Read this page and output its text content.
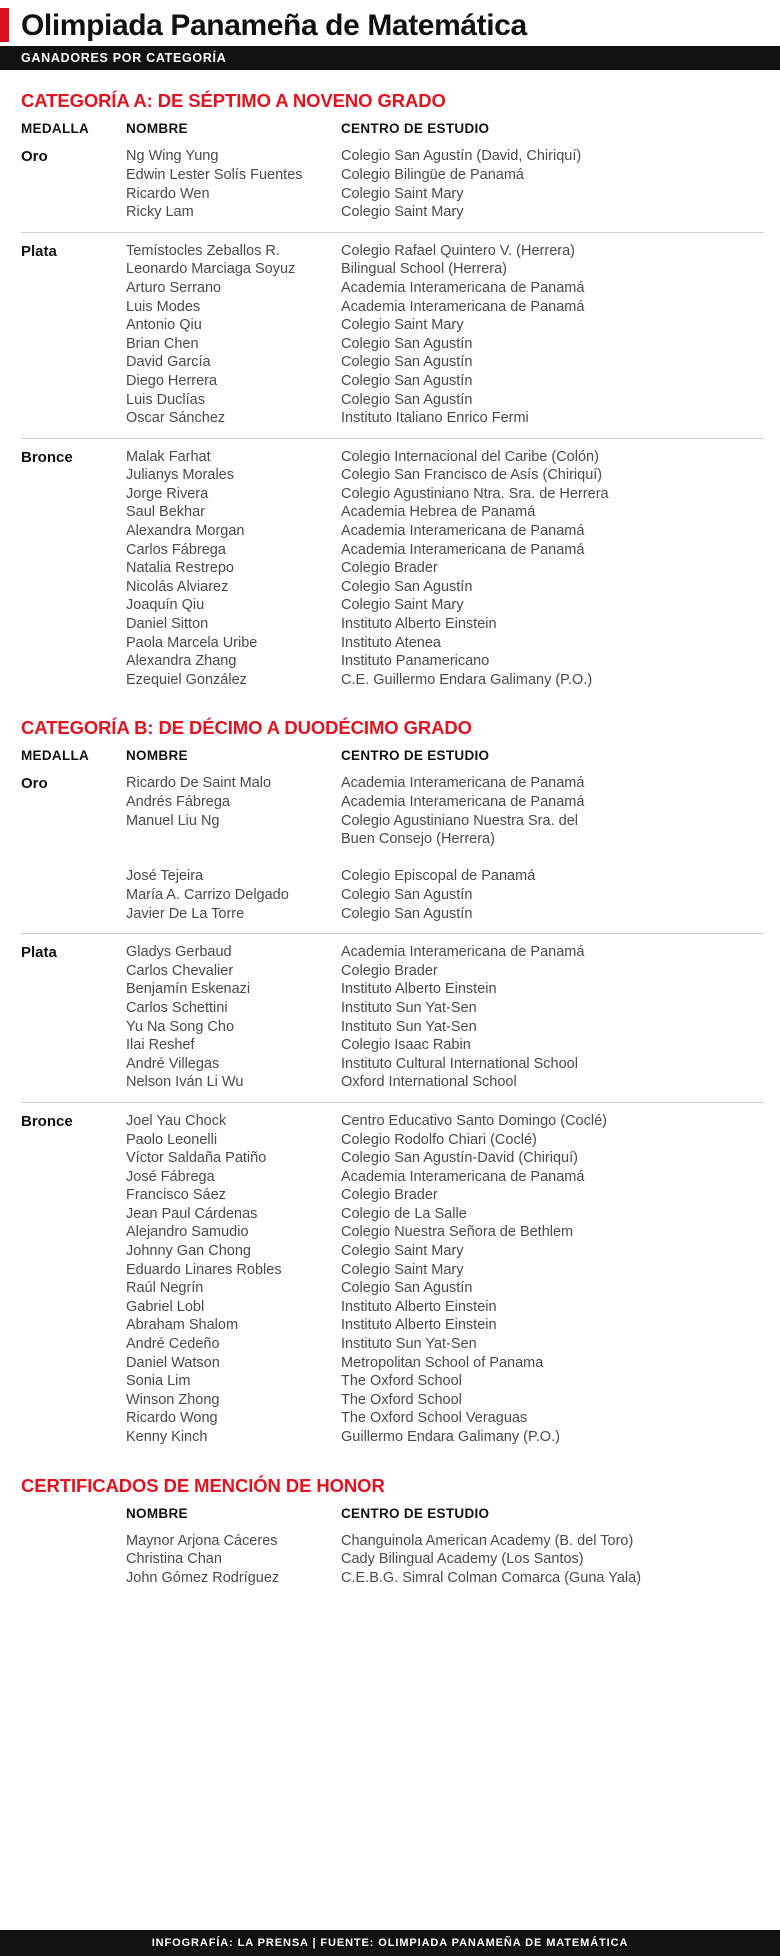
Olimpiada Panameña de Matemática
GANADORES POR CATEGORÍA
CATEGORÍA A: DE SÉPTIMO A NOVENO GRADO
MEDALLA	NOMBRE	CENTRO DE ESTUDIO
Oro	Ng Wing Yung	Colegio San Agustín (David, Chiriquí)
Edwin Lester Solís Fuentes	Colegio Bilingüe de Panamá
Ricardo Wen	Colegio Saint Mary
Ricky Lam	Colegio Saint Mary
Plata	Temístocles Zeballos R.	Colegio Rafael Quintero V. (Herrera)
Leonardo Marciaga Soyuz	Bilingual School (Herrera)
Arturo Serrano	Academia Interamericana de Panamá
Luis Modes	Academia Interamericana de Panamá
Antonio Qiu	Colegio Saint Mary
Brian Chen	Colegio San Agustín
David García	Colegio San Agustín
Diego Herrera	Colegio San Agustín
Luis Duclías	Colegio San Agustín
Oscar Sánchez	Instituto Italiano Enrico Fermi
Bronce	Malak Farhat	Colegio Internacional del Caribe (Colón)
Julianys Morales	Colegio San Francisco de Asís (Chiriquí)
Jorge Rivera	Colegio Agustiniano Ntra. Sra. de Herrera
Saul Bekhar	Academia Hebrea de Panamá
Alexandra Morgan	Academia Interamericana de Panamá
Carlos Fábrega	Academia Interamericana de Panamá
Natalia Restrepo	Colegio Brader
Nicolás Alviarez	Colegio San Agustín
Joaquín Qiu	Colegio Saint Mary
Daniel Sitton	Instituto Alberto Einstein
Paola Marcela Uribe	Instituto Atenea
Alexandra Zhang	Instituto Panamericano
Ezequiel González	C.E. Guillermo Endara Galimany (P.O.)
CATEGORÍA B: DE DÉCIMO A DUODÉCIMO GRADO
MEDALLA	NOMBRE	CENTRO DE ESTUDIO
Oro	Ricardo De Saint Malo	Academia Interamericana de Panamá
Andrés Fábrega	Academia Interamericana de Panamá
Manuel Liu Ng	Colegio Agustiniano Nuestra Sra. del
Buen Consejo (Herrera)
José Tejeira	Colegio Episcopal de Panamá
María A. Carrizo Delgado	Colegio San Agustín
Javier De La Torre	Colegio San Agustín
Plata	Gladys Gerbaud	Academia Interamericana de Panamá
Carlos Chevalier	Colegio Brader
Benjamín Eskenazi	Instituto Alberto Einstein
Carlos Schettini	Instituto Sun Yat-Sen
Yu Na Song Cho	Instituto Sun Yat-Sen
Ilai Reshef	Colegio Isaac Rabin
André Villegas	Instituto Cultural International School
Nelson Iván Li Wu	Oxford International School
Bronce	Joel Yau Chock	Centro Educativo Santo Domingo (Coclé)
Paolo Leonelli	Colegio Rodolfo Chiari (Coclé)
Víctor Saldaña Patiño	Colegio San Agustín-David (Chiriquí)
José Fábrega	Academia Interamericana de Panamá
Francisco Sáez	Colegio Brader
Jean Paul Cárdenas	Colegio de La Salle
Alejandro Samudio	Colegio Nuestra Señora de Bethlem
Johnny Gan Chong	Colegio Saint Mary
Eduardo Linares Robles	Colegio Saint Mary
Raúl Negrín	Colegio San Agustín
Gabriel Lobl	Instituto Alberto Einstein
Abraham Shalom	Instituto Alberto Einstein
André Cedeño	Instituto Sun Yat-Sen
Daniel Watson	Metropolitan School of Panama
Sonia Lim	The Oxford School
Winson Zhong	The Oxford School
Ricardo Wong	The Oxford School Veraguas
Kenny Kinch	Guillermo Endara Galimany (P.O.)
CERTIFICADOS DE MENCIÓN DE HONOR
NOMBRE	CENTRO DE ESTUDIO
Maynor Arjona Cáceres	Changuinola American Academy (B. del Toro)
Christina Chan	Cady Bilingual Academy (Los Santos)
John Gómez Rodríguez	C.E.B.G. Simral Colman Comarca (Guna Yala)
INFOGRAFÍA: LA PRENSA | FUENTE: OLIMPIADA PANAMEÑA DE MATEMÁTICA
